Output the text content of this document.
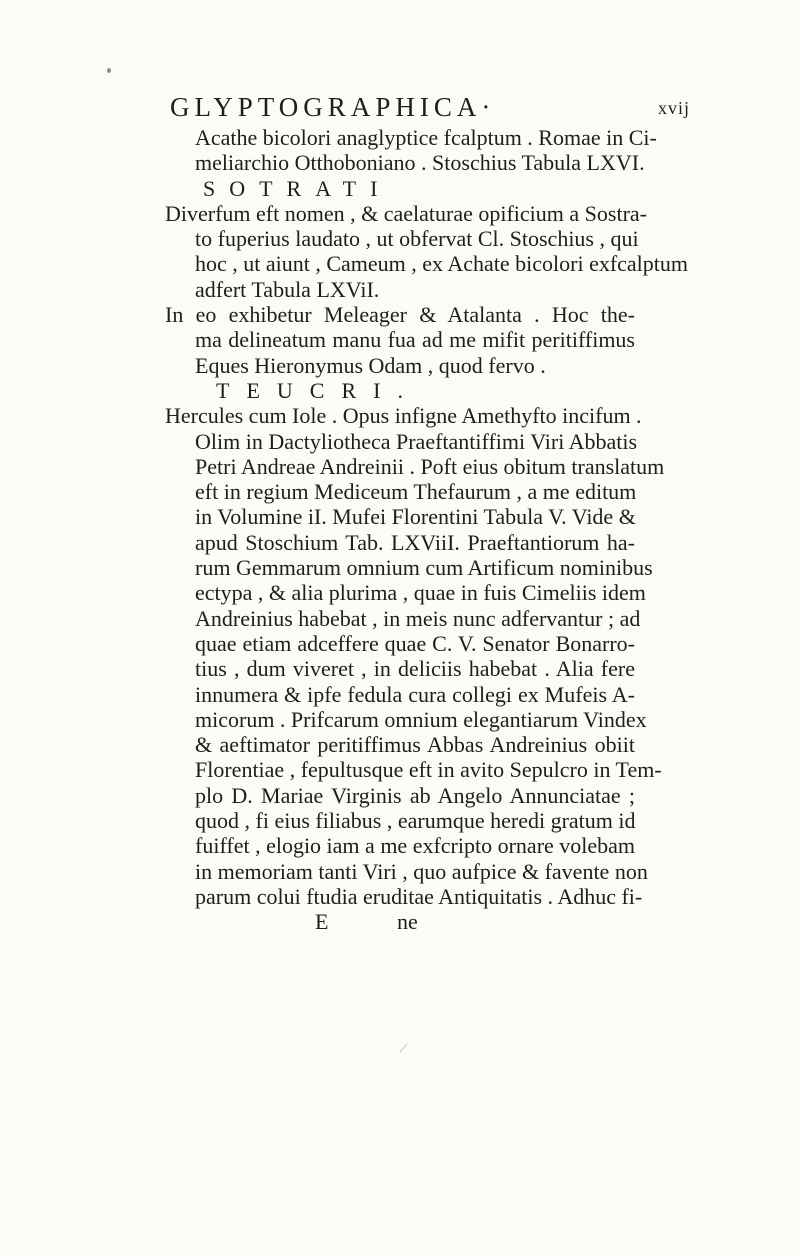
GLYPTOGRAPHICA·	xvij
Acathe bicolori anaglyptice fcalptum . Romae in Ci-
meliarchio Otthoboniano . Stoschius Tabula LXVI.
SOTRATI
Diverfum eft nomen , & caelaturae opificium a Sostra-
to fuperius laudato , ut obfervat Cl. Stoschius , qui
hoc , ut aiunt , Cameum , ex Achate bicolori exfcalptum
adfert Tabula LXViI.
In eo exhibetur Meleager & Atalanta . Hoc the-
ma delineatum manu fua ad me mifit peritiffimus
Eques Hieronymus Odam , quod fervo .
TEUCRI.
Hercules cum Iole . Opus infigne Amethyfto incifum .
Olim in Dactyliotheca Praeftantiffimi Viri Abbatis
Petri Andreae Andreinii . Poft eius obitum translatum
eft in regium Mediceum Thefaurum , a me editum
in Volumine iI. Mufei Florentini Tabula V. Vide &
apud Stoschium Tab. LXViiI. Praeftantiorum ha-
rum Gemmarum omnium cum Artificum nominibus
ectypa , & alia plurima , quae in fuis Cimeliis idem
Andreinius habebat , in meis nunc adfervantur ; ad
quae etiam adceffere quae C. V. Senator Bonarro-
tius , dum viveret , in deliciis habebat . Alia fere
innumera & ipfe fedula cura collegi ex Mufeis A-
micorum . Prifcarum omnium elegantiarum Vindex
& aeftimator peritiffimus Abbas Andreinius obiit
Florentiae , fepultusque eft in avito Sepulcro in Tem-
plo D. Mariae Virginis ab Angelo Annunciatae ;
quod , fi eius filiabus , earumque heredi gratum id
fuiffet , elogio iam a me exfcripto ornare volebam
in memoriam tanti Viri , quo aufpice & favente non
parum colui ftudia eruditae Antiquitatis . Adhuc fi-
E	ne
